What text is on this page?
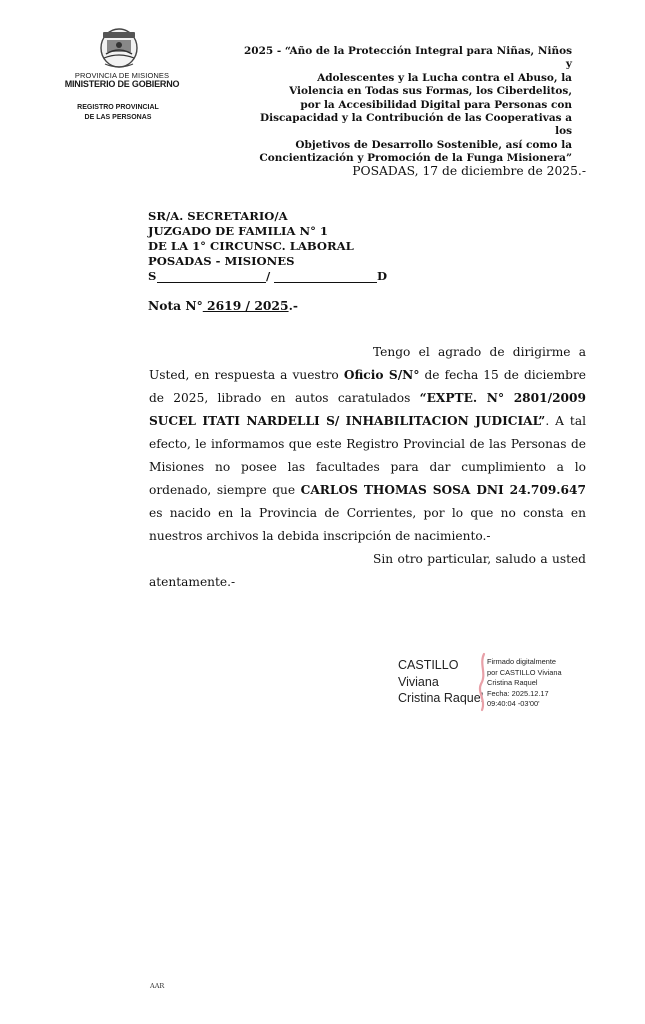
PROVINCIA DE MISIONES
MINISTERIO DE GOBIERNO
REGISTRO PROVINCIAL
DE LAS PERSONAS
2025 - “Año de la Protección Integral para Niñas, Niños y
Adolescentes y la Lucha contra el Abuso, la
Violencia en Todas sus Formas, los Ciberdelitos,
por la Accesibilidad Digital para Personas con
Discapacidad y la Contribución de las Cooperativas a los
Objetivos de Desarrollo Sostenible, así como la
Concientización y Promoción de la Funga Misionera”
POSADAS, 17 de diciembre de 2025.-
SR/A. SECRETARIO/A
JUZGADO DE FAMILIA N° 1
DE LA 1° CIRCUNSC. LABORAL
POSADAS - MISIONES
S	/	D
Nota N° 2619 / 2025.-

Tengo el agrado de dirigirme a Usted, en respuesta a vuestro Oficio S/N° de fecha 15 de diciembre de 2025, librado en autos caratulados “EXPTE. N° 2801/2009 SUCEL ITATI NARDELLI S/ INHABILITACION JUDICIAL”. A tal efecto, le informamos que este Registro Provincial de las Personas de Misiones no posee las facultades para dar cumplimiento a lo ordenado, siempre que CARLOS THOMAS SOSA DNI 24.709.647 es nacido en la Provincia de Corrientes, por lo que no consta en nuestros archivos la debida inscripción de nacimiento.-

Sin otro particular, saludo a usted atentamente.-

CASTILLO
Viviana
Cristina Raquel
Firmado digitalmente
por CASTILLO Viviana
Cristina Raquel
Fecha: 2025.12.17
09:40:04 -03'00'
AAR
